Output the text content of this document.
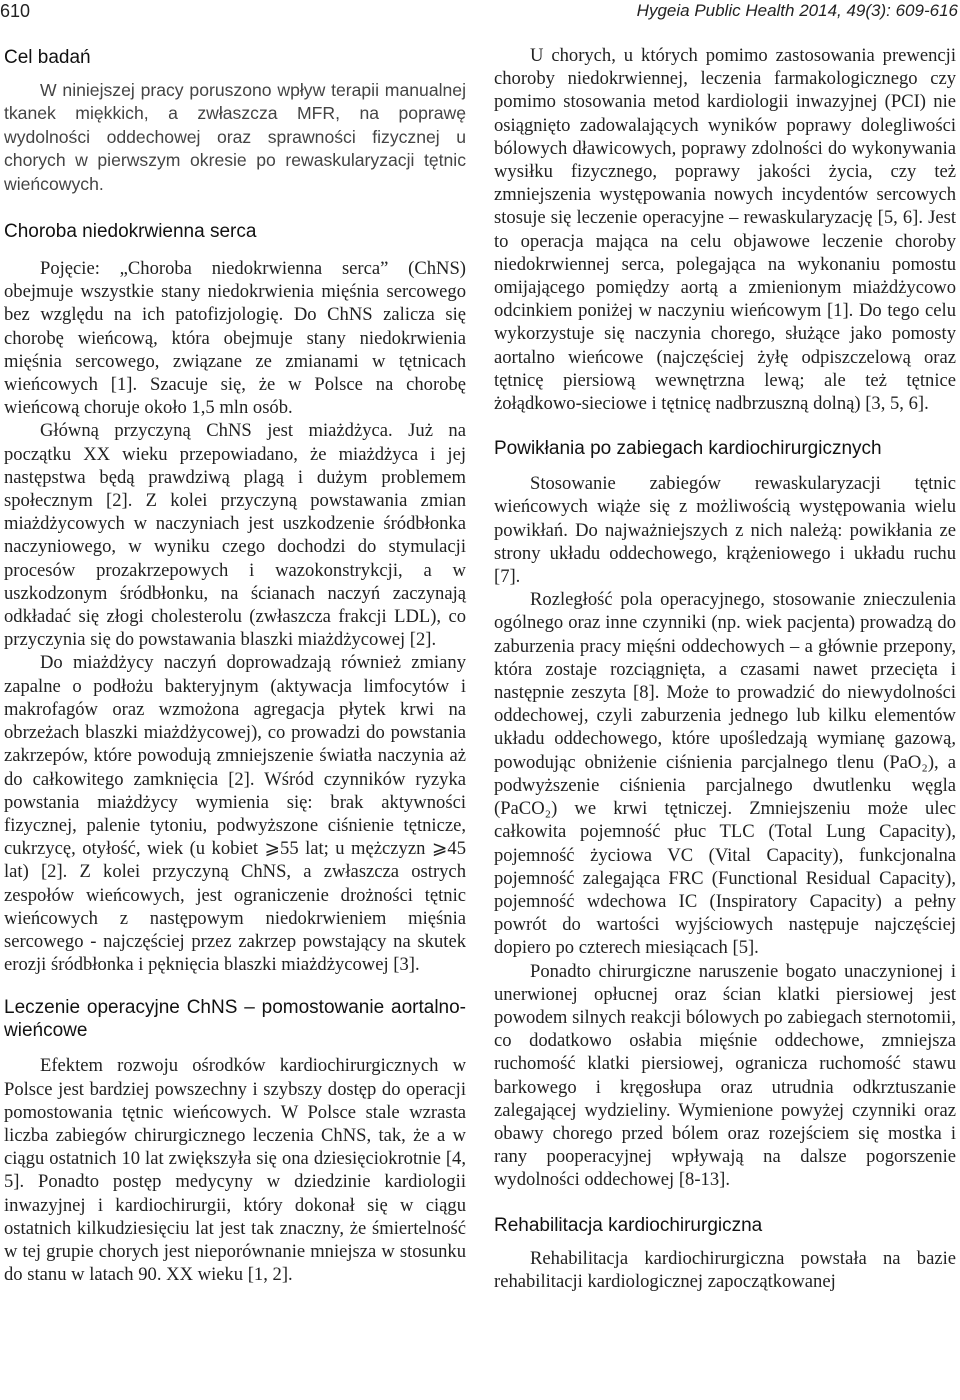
610	Hygeia Public Health 2014, 49(3): 609-616
Cel badań

W niniejszej pracy poruszono wpływ terapii manualnej tkanek miękkich, a zwłaszcza MFR, na poprawę wydolności oddechowej oraz sprawności fizycznej u chorych w pierwszym okresie po rewaskularyzacji tętnic wieńcowych.

Choroba niedokrwienna serca

Pojęcie: „Choroba niedokrwienna serca” (ChNS) obejmuje wszystkie stany niedokrwienia mięśnia sercowego bez względu na ich patofizjologię. Do ChNS zalicza się chorobę wieńcową, która obejmuje stany niedokrwienia mięśnia sercowego, związane ze zmianami w tętnicach wieńcowych [1]. Szacuje się, że w Polsce na chorobę wieńcową choruje około 1,5 mln osób.

Główną przyczyną ChNS jest miażdżyca. Już na początku XX wieku przepowiadano, że miażdżyca i jej następstwa będą prawdziwą plagą i dużym problemem społecznym [2]. Z kolei przyczyną powstawania zmian miażdżycowych w naczyniach jest uszkodzenie śródbłonka naczyniowego, w wyniku czego dochodzi do stymulacji procesów prozakrzepowych i wazokonstrykcji, a w uszkodzonym śródbłonku, na ścianach naczyń zaczynają odkładać się złogi cholesterolu (zwłaszcza frakcji LDL), co przyczynia się do powstawania blaszki miażdżycowej [2].

Do miażdżycy naczyń doprowadzają również zmiany zapalne o podłożu bakteryjnym (aktywacja limfocytów i makrofagów oraz wzmożona agregacja płytek krwi na obrzeżach blaszki miażdżycowej), co prowadzi do powstania zakrzepów, które powodują zmniejszenie światła naczynia aż do całkowitego zamknięcia [2]. Wśród czynników ryzyka powstania miażdżycy wymienia się: brak aktywności fizycznej, palenie tytoniu, podwyższone ciśnienie tętnicze, cukrzycę, otyłość, wiek (u kobiet ⩾55 lat; u mężczyzn ⩾45 lat) [2]. Z kolei przyczyną ChNS, a zwłaszcza ostrych zespołów wieńcowych, jest ograniczenie drożności tętnic wieńcowych z następowym niedokrwieniem mięśnia sercowego - najczęściej przez zakrzep powstający na skutek erozji śródbłonka i pęknięcia blaszki miażdżycowej [3].

Leczenie operacyjne ChNS – pomostowanie aortalno-wieńcowe

Efektem rozwoju ośrodków kardiochirurgicznych w Polsce jest bardziej powszechny i szybszy dostęp do operacji pomostowania tętnic wieńcowych. W Polsce stale wzrasta liczba zabiegów chirurgicznego leczenia ChNS, tak, że a w ciągu ostatnich 10 lat zwiększyła się ona dziesięciokrotnie [4, 5]. Ponadto postęp medycyny w dziedzinie kardiologii inwazyjnej i kardiochirurgii, który dokonał się w ciągu ostatnich kilkudziesięciu lat jest tak znaczny, że śmiertelność w tej grupie chorych jest nieporównanie mniejsza w stosunku do stanu w latach 90. XX wieku [1, 2].

U chorych, u których pomimo zastosowania prewencji choroby niedokrwiennej, leczenia farmakologicznego czy pomimo stosowania metod kardiologii inwazyjnej (PCI) nie osiągnięto zadowalających wyników poprawy dolegliwości bólowych dławicowych, poprawy zdolności do wykonywania wysiłku fizycznego, poprawy jakości życia, czy też zmniejszenia występowania nowych incydentów sercowych stosuje się leczenie operacyjne – rewaskularyzację [5, 6]. Jest to operacja mająca na celu objawowe leczenie choroby niedokrwiennej serca, polegająca na wykonaniu pomostu omijającego pomiędzy aortą a zmienionym miażdżycowo odcinkiem poniżej w naczyniu wieńcowym [1]. Do tego celu wykorzystuje się naczynia chorego, służące jako pomosty aortalno wieńcowe (najczęściej żyłę odpiszczelową oraz tętnicę piersiową wewnętrzna lewą; ale też tętnice żołądkowo-sieciowe i tętnicę nadbrzuszną dolną) [3, 5, 6].

Powikłania po zabiegach kardiochirurgicznych

Stosowanie zabiegów rewaskularyzacji tętnic wieńcowych wiąże się z możliwością występowania wielu powikłań. Do najważniejszych z nich należą: powikłania ze strony układu oddechowego, krążeniowego i układu ruchu [7].

Rozległość pola operacyjnego, stosowanie znieczulenia ogólnego oraz inne czynniki (np. wiek pacjenta) prowadzą do zaburzenia pracy mięśni oddechowych – a głównie przepony, która zostaje rozciągnięta, a czasami nawet przecięta i następnie zeszyta [8]. Może to prowadzić do niewydolności oddechowej, czyli zaburzenia jednego lub kilku elementów układu oddechowego, które upośledzają wymianę gazową, powodując obniżenie ciśnienia parcjalnego tlenu (PaO₂), a podwyższenie ciśnienia parcjalnego dwutlenku węgla (PaCO₂) we krwi tętniczej. Zmniejszeniu może ulec całkowita pojemność płuc TLC (Total Lung Capacity), pojemność życiowa VC (Vital Capacity), funkcjonalna pojemność zalegająca FRC (Functional Residual Capacity), pojemność wdechowa IC (Inspiratory Capacity) a pełny powrót do wartości wyjściowych następuje najczęściej dopiero po czterech miesiącach [5].

Ponadto chirurgiczne naruszenie bogato unaczynionej i unerwionej opłucnej oraz ścian klatki piersiowej jest powodem silnych reakcji bólowych po zabiegach sternotomii, co dodatkowo osłabia mięśnie oddechowe, zmniejsza ruchomość klatki piersiowej, ogranicza ruchomość stawu barkowego i kręgosłupa oraz utrudnia odkrztuszanie zalegającej wydzieliny. Wymienione powyżej czynniki oraz obawy chorego przed bólem oraz rozejściem się mostka i rany pooperacyjnej wpływają na dalsze pogorszenie wydolności oddechowej [8-13].

Rehabilitacja kardiochirurgiczna

Rehabilitacja kardiochirurgiczna powstała na bazie rehabilitacji kardiologicznej zapoczątkowanej
